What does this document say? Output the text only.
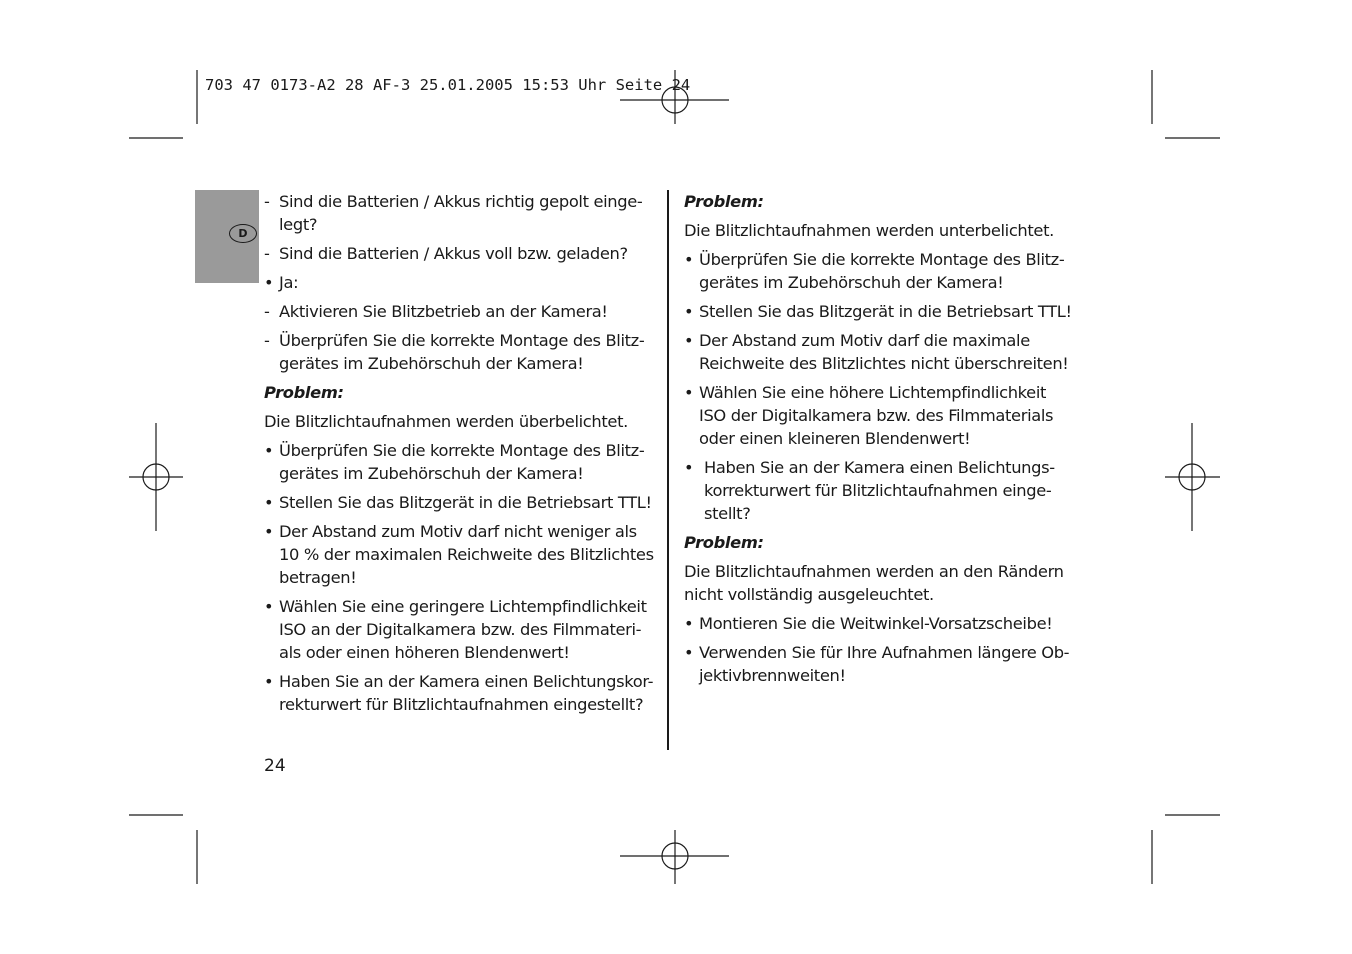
703 47 0173-A2 28 AF-3 25.01.2005 15:53 Uhr Seite 24
D
- Sind die Batterien / Akkus richtig gepolt einge-
legt?
- Sind die Batterien / Akkus voll bzw. geladen?
• Ja:
- Aktivieren Sie Blitzbetrieb an der Kamera!
- Überprüfen Sie die korrekte Montage des Blitz-
gerätes im Zubehörschuh der Kamera!
Problem:
Die Blitzlichtaufnahmen werden überbelichtet.
• Überprüfen Sie die korrekte Montage des Blitz-
gerätes im Zubehörschuh der Kamera!
• Stellen Sie das Blitzgerät in die Betriebsart TTL!
• Der Abstand zum Motiv darf nicht weniger als
10 % der maximalen Reichweite des Blitzlichtes
betragen!
• Wählen Sie eine geringere Lichtempfindlichkeit
ISO an der Digitalkamera bzw. des Filmmateri-
als oder einen höheren Blendenwert!
• Haben Sie an der Kamera einen Belichtungskor-
rekturwert für Blitzlichtaufnahmen eingestellt?
Problem:
Die Blitzlichtaufnahmen werden unterbelichtet.
• Überprüfen Sie die korrekte Montage des Blitz-
gerätes im Zubehörschuh der Kamera!
• Stellen Sie das Blitzgerät in die Betriebsart TTL!
• Der Abstand zum Motiv darf die maximale
Reichweite des Blitzlichtes nicht überschreiten!
• Wählen Sie eine höhere Lichtempfindlichkeit
ISO der Digitalkamera bzw. des Filmmaterials
oder einen kleineren Blendenwert!
• Haben Sie an der Kamera einen Belichtungs-
korrekturwert für Blitzlichtaufnahmen einge-
stellt?
Problem:
Die Blitzlichtaufnahmen werden an den Rändern
nicht vollständig ausgeleuchtet.
• Montieren Sie die Weitwinkel-Vorsatzscheibe!
• Verwenden Sie für Ihre Aufnahmen längere Ob-
jektivbrennweiten!
24
